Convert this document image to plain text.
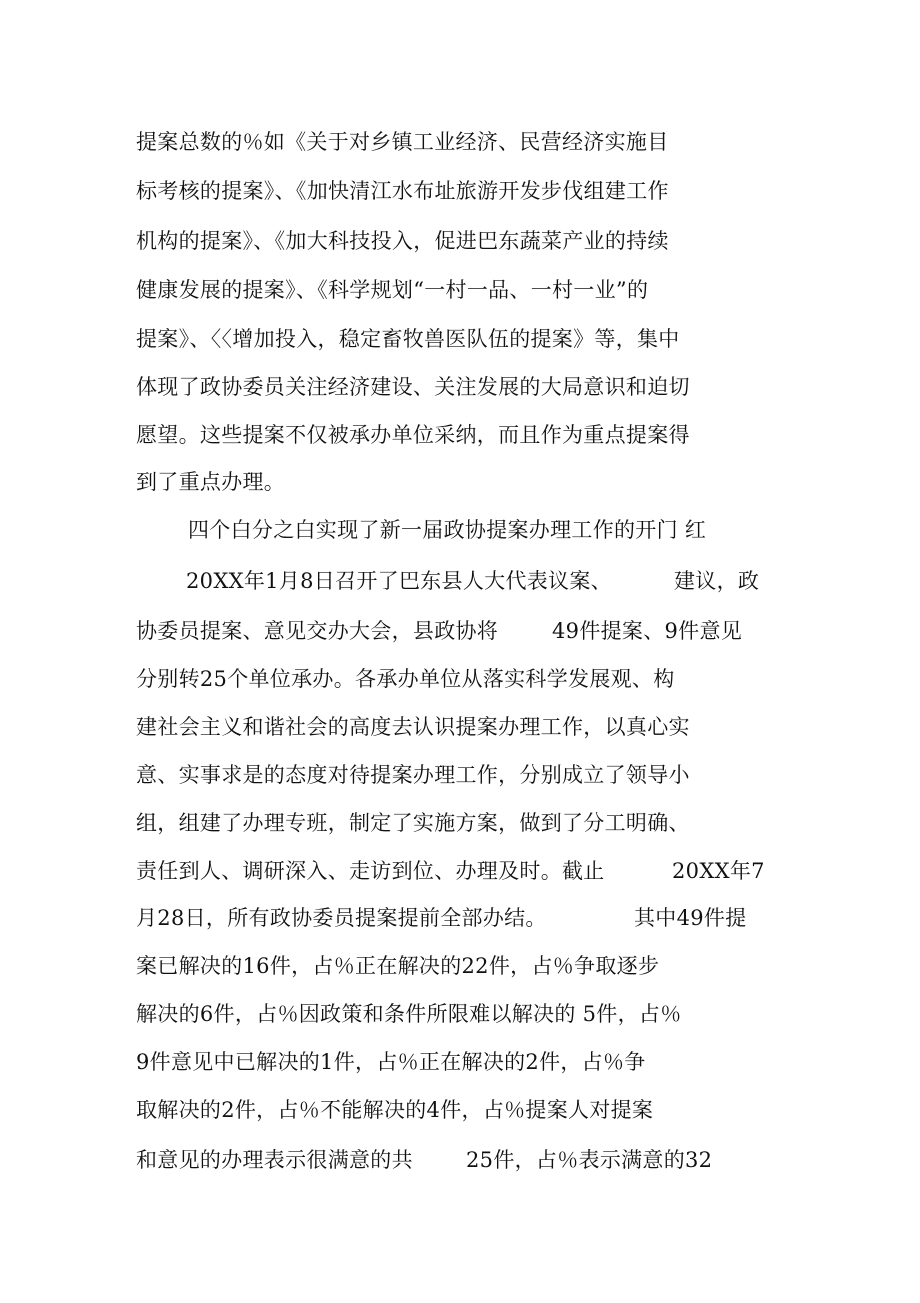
提案总数的％如《关于对乡镇工业经济、民营经济实施目

标考核的提案》、《加快清江水布址旅游开发步伐组建工作

机构的提案》、《加大科技投入，促进巴东蔬菜产业的持续

健康发展的提案》、《科学规划“一村一品、一村一业”的

提案》、〈〈增加投入，稳定畜牧兽医队伍的提案》等，集中

体现了政协委员关注经济建设、关注发展的大局意识和迫切

愿望。这些提案不仅被承办单位采纳，而且作为重点提案得

到了重点办理。

四个白分之白实现了新一届政协提案办理工作的开门 红

20XX年1月8日召开了巴东县人大代表议案、

	建议，政

协委员提案、意见交办大会，县政协将

	49件提案、9件意见

分别转25个单位承办。各承办单位从落实科学发展观、构

建社会主义和谐社会的高度去认识提案办理工作，以真心实

意、实事求是的态度对待提案办理工作，分别成立了领导小

组，组建了办理专班，制定了实施方案，做到了分工明确、

责任到人、调研深入、走访到位、办理及时。截止

	20XX年7

月28日，所有政协委员提案提前全部办结。

	其中49件提

案已解决的16件，占％正在解决的22件，占％争取逐步

解决的6件，占％因政策和条件所限难以解决的 5件，占％

9件意见中已解决的1件，占％正在解决的2件，占％争

取解决的2件，占％不能解决的4件，占％提案人对提案

和意见的办理表示很满意的共

	25件，占％表示满意的32
